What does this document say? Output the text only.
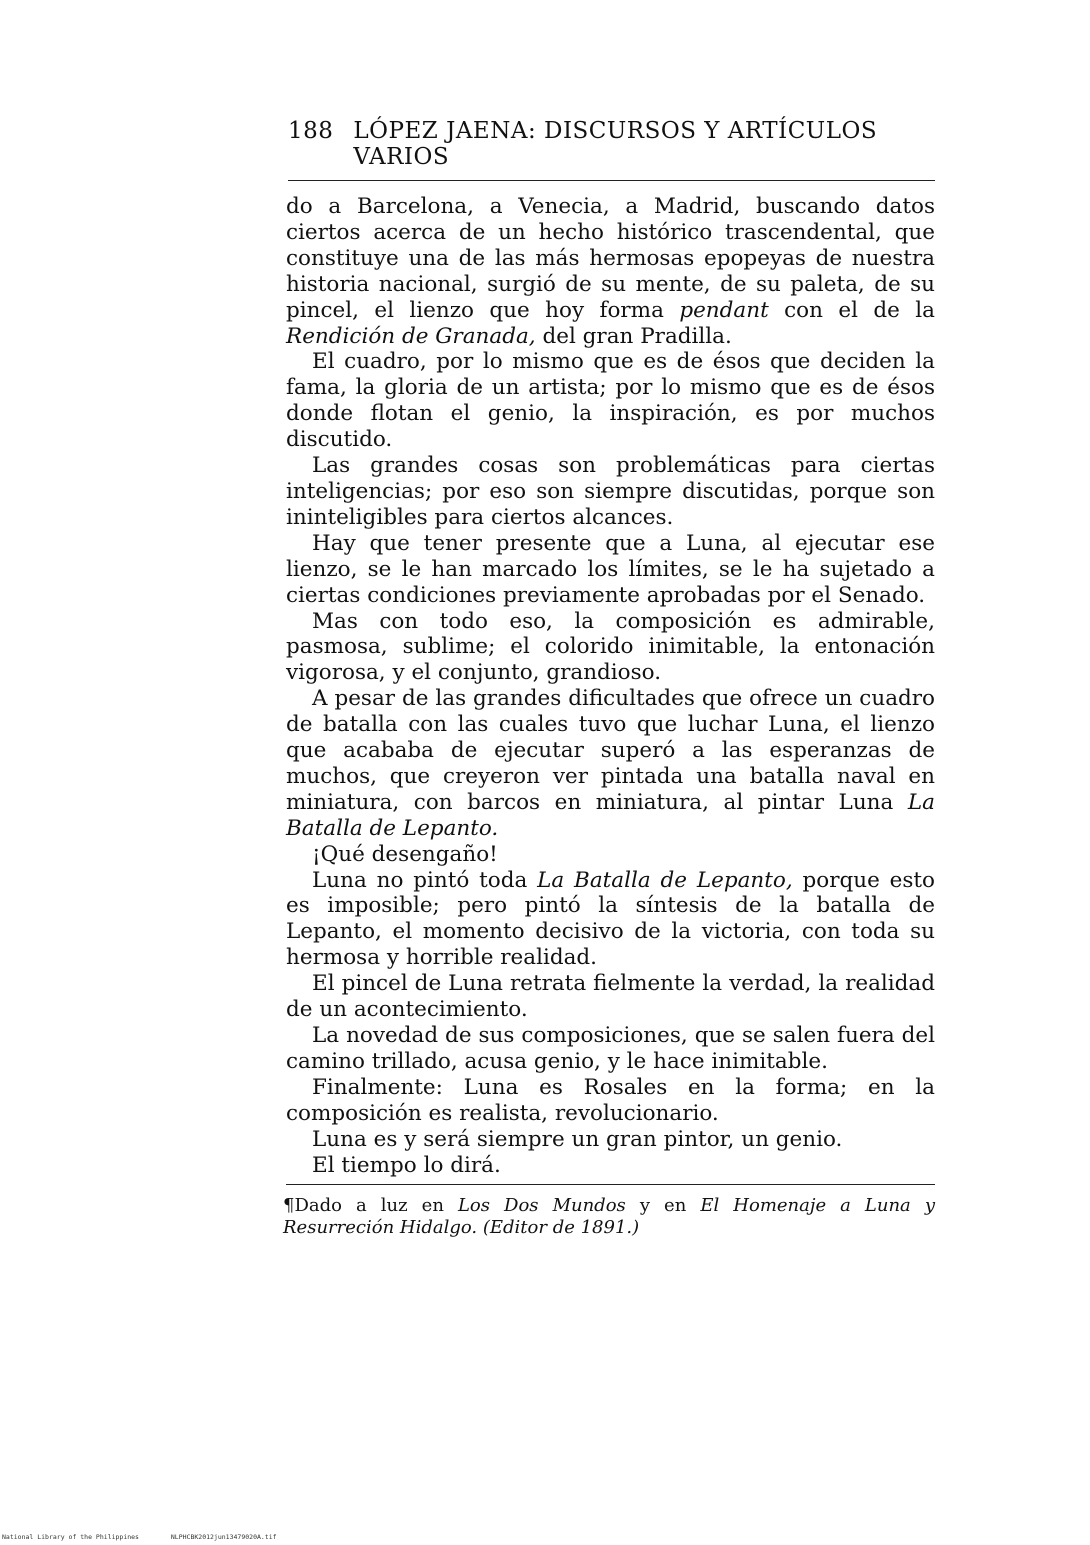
188 LÓPEZ JAENA: DISCURSOS Y ARTÍCULOS VARIOS

do a Barcelona, a Venecia, a Madrid, buscando datos ciertos acerca de un hecho histórico trascendental, que constituye una de las más hermosas epopeyas de nuestra historia nacional, surgió de su mente, de su paleta, de su pincel, el lienzo que hoy forma pendant con el de la Rendición de Granada, del gran Pradilla.

El cuadro, por lo mismo que es de ésos que deciden la fama, la gloria de un artista; por lo mismo que es de ésos donde flotan el genio, la inspiración, es por muchos discutido.

Las grandes cosas son problemáticas para ciertas inteligencias; por eso son siempre discutidas, porque son ininteligibles para ciertos alcances.

Hay que tener presente que a Luna, al ejecutar ese lienzo, se le han marcado los límites, se le ha sujetado a ciertas condiciones previamente aprobadas por el Senado.

Mas con todo eso, la composición es admirable, pasmosa, sublime; el colorido inimitable, la entonación vigorosa, y el conjunto, grandioso.

A pesar de las grandes dificultades que ofrece un cuadro de batalla con las cuales tuvo que luchar Luna, el lienzo que acababa de ejecutar superó a las esperanzas de muchos, que creyeron ver pintada una batalla naval en miniatura, con barcos en miniatura, al pintar Luna La Batalla de Lepanto.

¡Qué desengaño!

Luna no pintó toda La Batalla de Lepanto, porque esto es imposible; pero pintó la síntesis de la batalla de Lepanto, el momento decisivo de la victoria, con toda su hermosa y horrible realidad.

El pincel de Luna retrata fielmente la verdad, la realidad de un acontecimiento.

La novedad de sus composiciones, que se salen fuera del camino trillado, acusa genio, y le hace inimitable.

Finalmente: Luna es Rosales en la forma; en la composición es realista, revolucionario.

Luna es y será siempre un gran pintor, un genio.

El tiempo lo dirá.

¶Dado a luz en Los Dos Mundos y en El Homenaje a Luna y Resurreción Hidalgo. (Editor de 1891.)
National Library of the Philippines	NLPHCBK2012jun13479020A.tif
